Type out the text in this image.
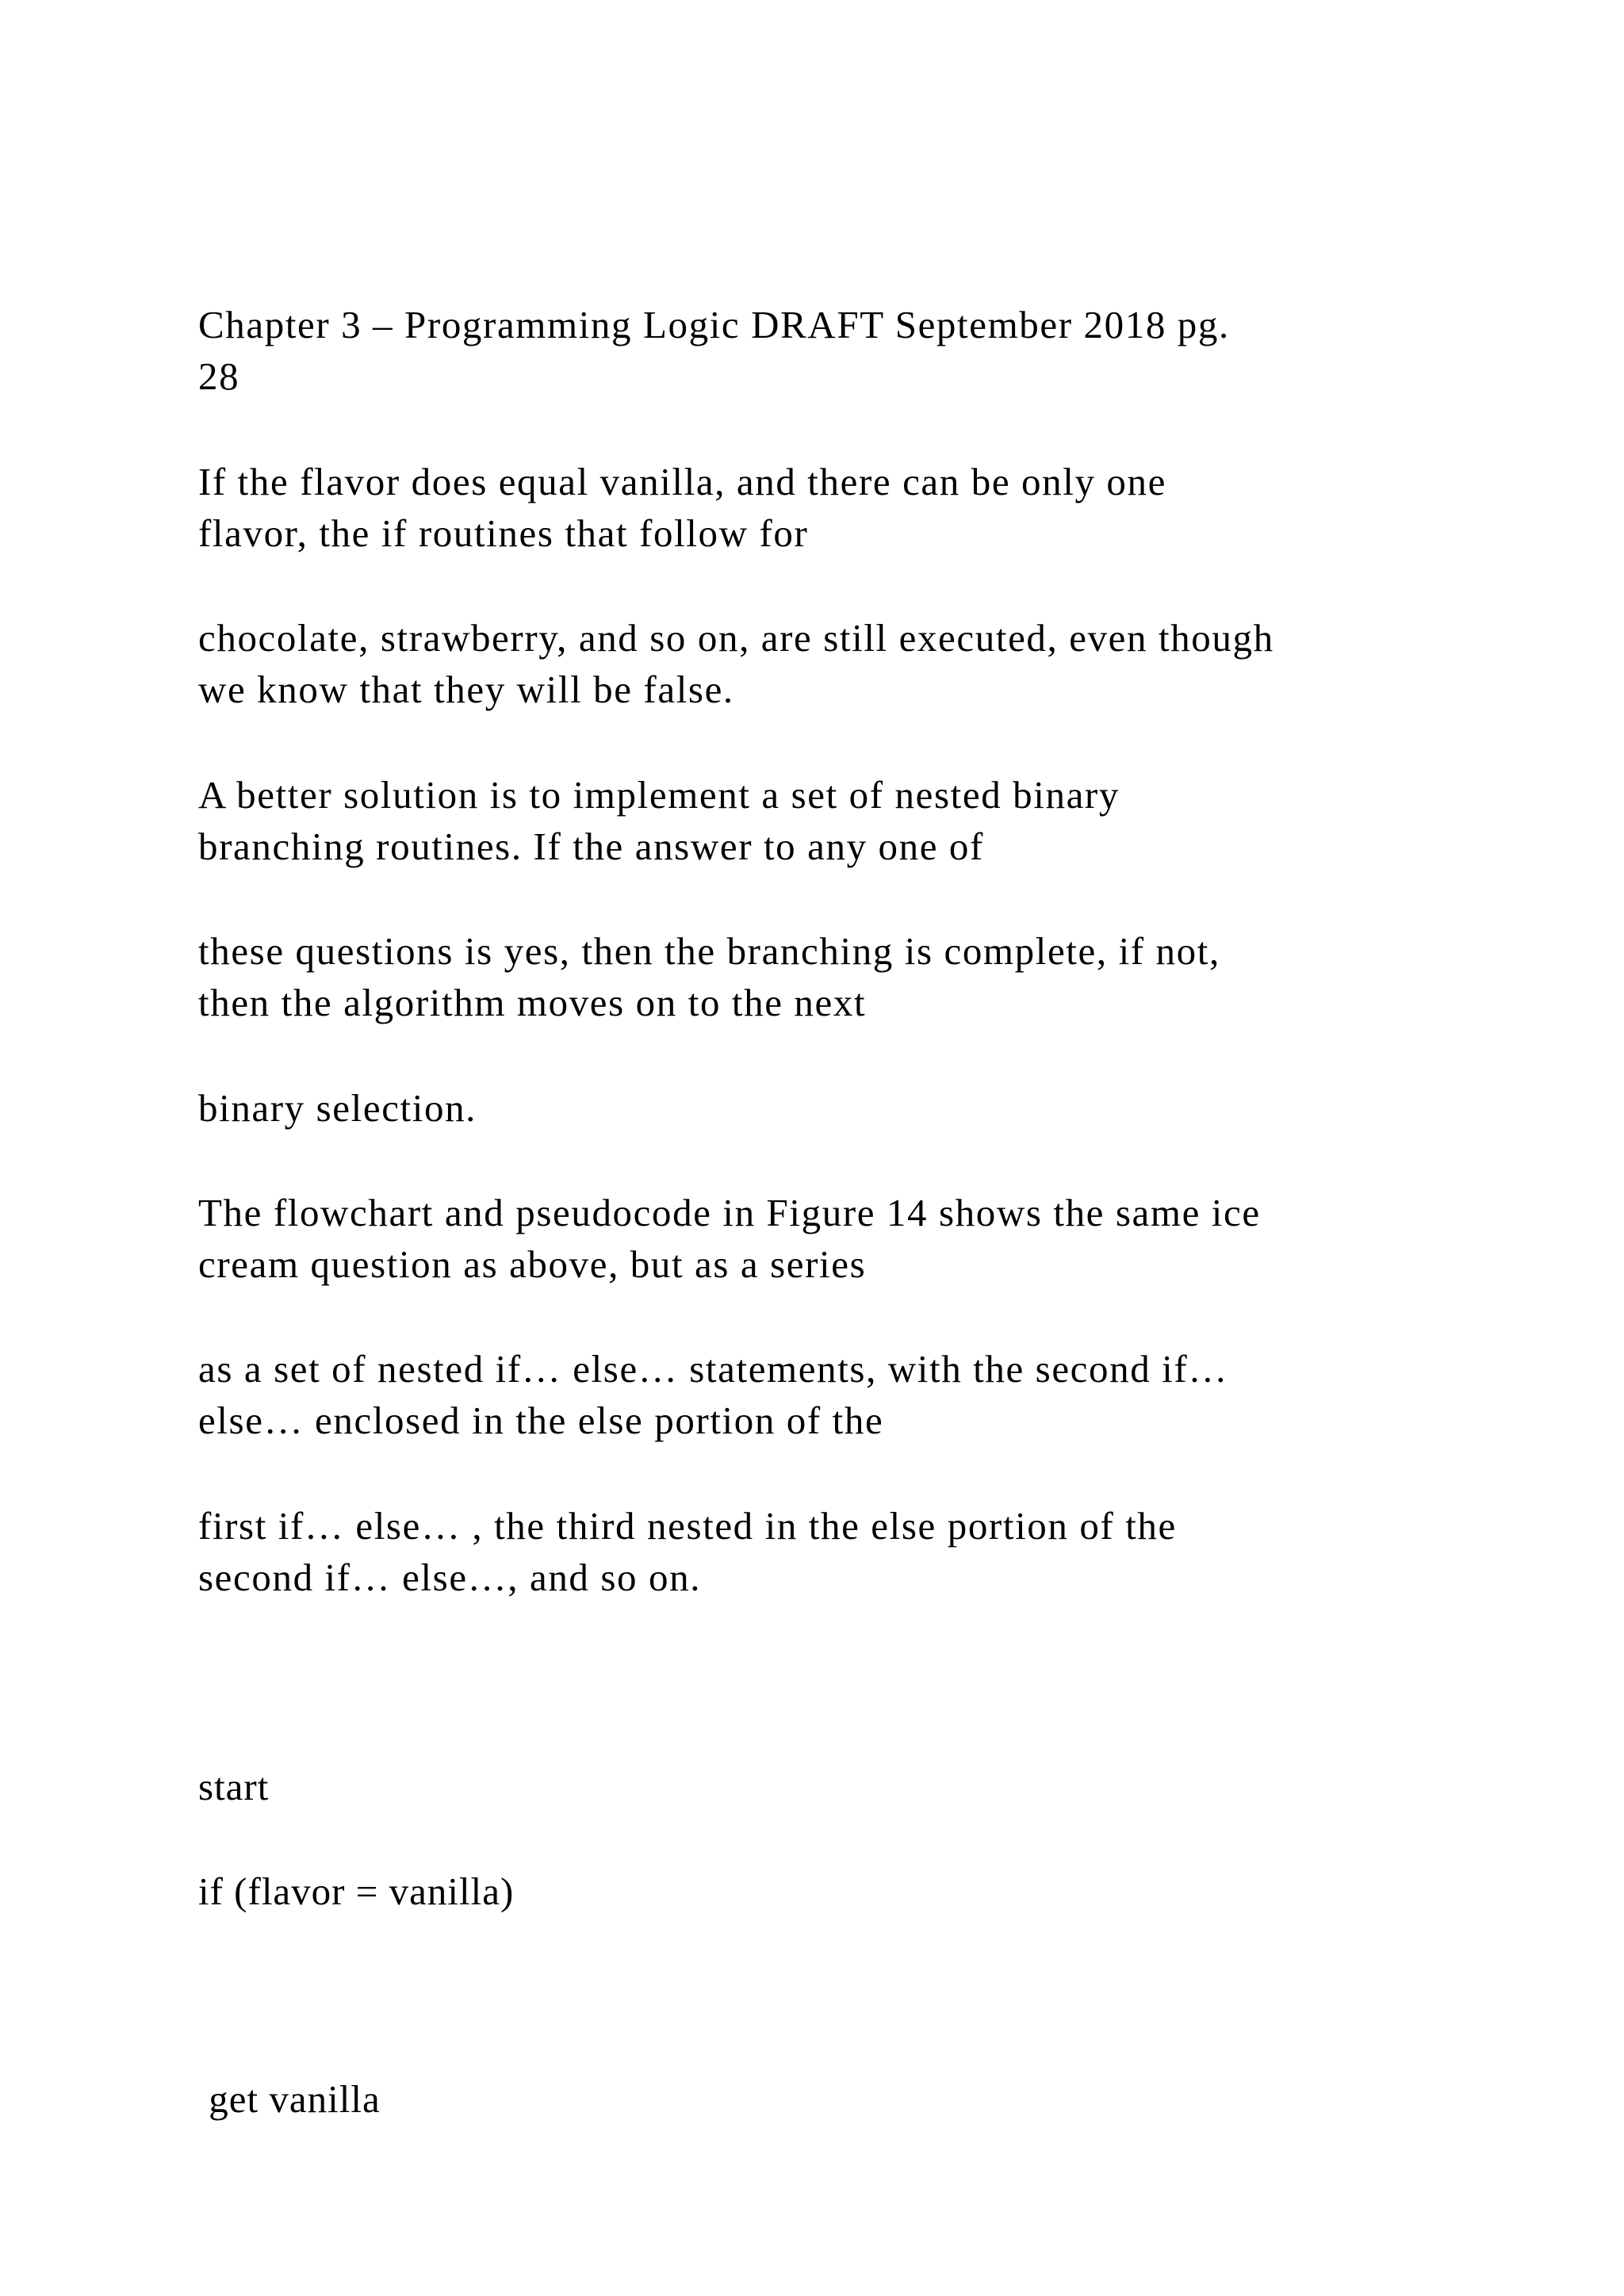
Chapter 3 – Programming Logic DRAFT September 2018 pg.
28
If the flavor does equal vanilla, and there can be only one
flavor, the if routines that follow for
chocolate, strawberry, and so on, are still executed, even though
we know that they will be false.
A better solution is to implement a set of nested binary
branching routines. If the answer to any one of
these questions is yes, then the branching is complete, if not,
then the algorithm moves on to the next
binary selection.
The flowchart and pseudocode in Figure 14 shows the same ice
cream question as above, but as a series
as a set of nested if… else… statements, with the second if…
else… enclosed in the else portion of the
first if… else… , the third nested in the else portion of the
second if… else…, and so on.
start
if (flavor = vanilla)

get vanilla
